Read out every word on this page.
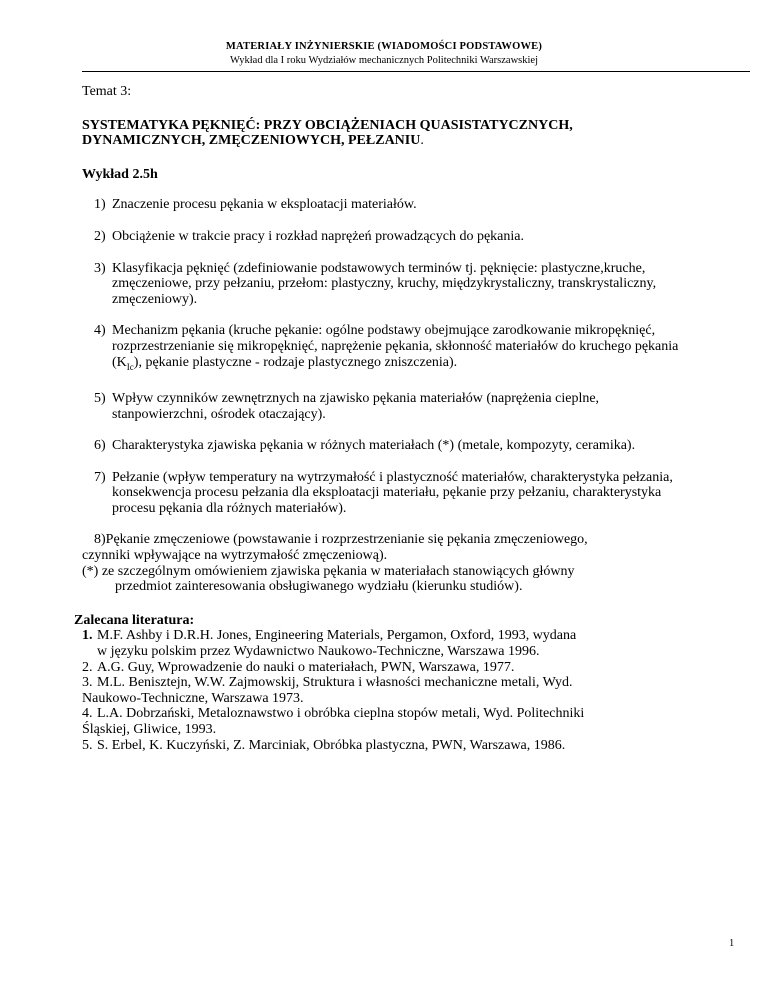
MATERIAŁY INŻYNIERSKIE (WIADOMOŚCI PODSTAWOWE)
Wykład dla I roku Wydziałów mechanicznych Politechniki Warszawskiej

Temat 3:

SYSTEMATYKA PĘKNIĘĆ: PRZY OBCIĄŻENIACH QUASISTATYCZNYCH, DYNAMICZNYCH, ZMĘCZENIOWYCH, PEŁZANIU.

Wykład 2.5h

1) Znaczenie procesu pękania w eksploatacji materiałów.
2) Obciążenie w trakcie pracy i rozkład naprężeń prowadzących do pękania.
3) Klasyfikacja pęknięć (zdefiniowanie podstawowych terminów tj. pęknięcie: plastyczne,kruche, zmęczeniowe, przy pełzaniu, przełom: plastyczny, kruchy, międzykrystaliczny, transkrystaliczny, zmęczeniowy).
4) Mechanizm pękania (kruche pękanie: ogólne podstawy obejmujące zarodkowanie mikropęknięć, rozprzestrzenianie się mikropęknięć, naprężenie pękania, skłonność materiałów do kruchego pękania $(K_{Ic})$, pękanie plastyczne - rodzaje plastycznego zniszczenia).
5) Wpływ czynników zewnętrznych na zjawisko pękania materiałów (naprężenia cieplne, stanpowierzchni, ośrodek otaczający).
6) Charakterystyka zjawiska pękania w różnych materiałach (*) (metale, kompozyty, ceramika).
7) Pełzanie (wpływ temperatury na wytrzymałość i plastyczność materiałów, charakterystyka pełzania, konsekwencja procesu pełzania dla eksploatacji materiału, pękanie przy pełzaniu, charakterystyka procesu pękania dla różnych materiałów).
8)Pękanie zmęczeniowe (powstawanie i rozprzestrzenianie się pękania zmęczeniowego,
czynniki wpływające na wytrzymałość zmęczeniową).

(*) ze szczególnym omówieniem zjawiska pękania w materiałach stanowiących główny
przedmiot zainteresowania obsługiwanego wydziału (kierunku studiów).

Zalecana literatura:

1. M.F. Ashby i D.R.H. Jones, Engineering Materials, Pergamon, Oxford, 1993, wydana
w języku polskim przez Wydawnictwo Naukowo-Techniczne, Warszawa 1996.
2. A.G. Guy, Wprowadzenie do nauki o materiałach, PWN, Warszawa, 1977.
3. M.L. Benisztejn, W.W. Zajmowskij, Struktura i własności mechaniczne metali, Wyd.
Naukowo-Techniczne, Warszawa 1973.
4. L.A. Dobrzański, Metaloznawstwo i obróbka cieplna stopów metali, Wyd. Politechniki
Śląskiej, Gliwice, 1993.
5. S. Erbel, K. Kuczyński, Z. Marciniak, Obróbka plastyczna, PWN, Warszawa, 1986.
1
